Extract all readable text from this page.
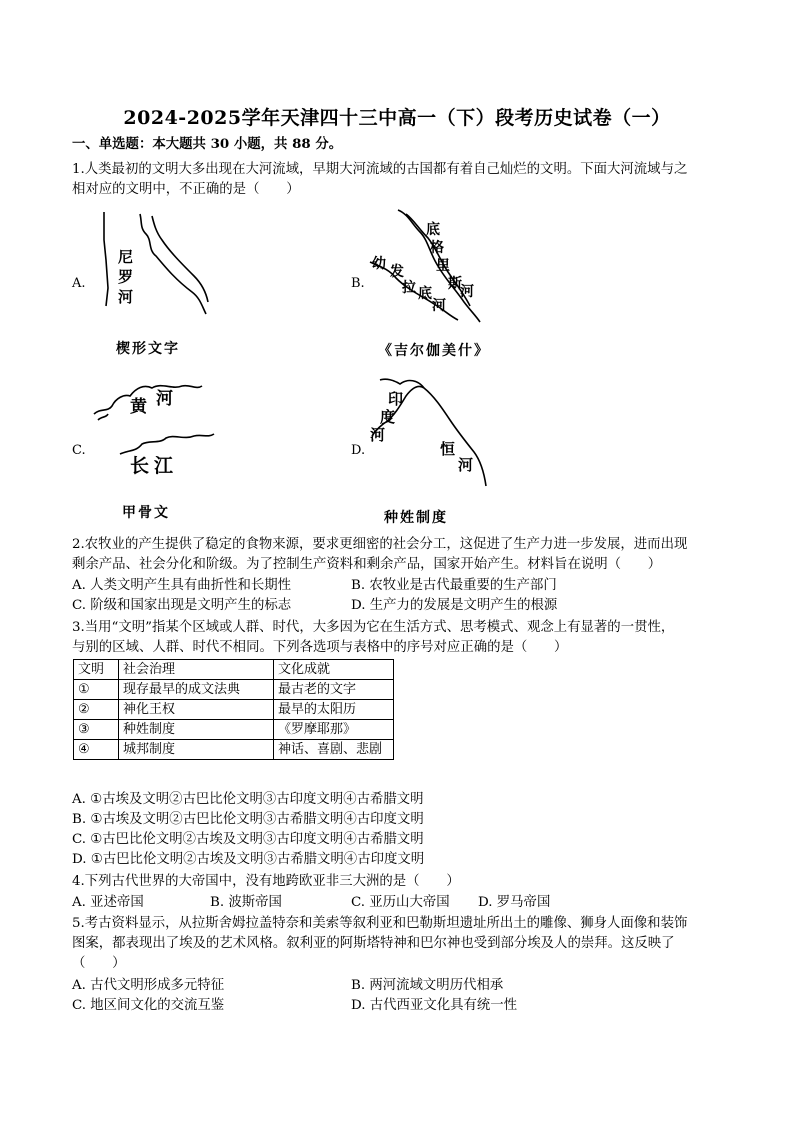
2024-2025学年天津四十三中高一（下）段考历史试卷（一）
一、单选题：本大题共 30 小题，共 88 分。
1.人类最初的文明大多出现在大河流域，早期大河流域的古国都有着自己灿烂的文明。下面大河流域与之
相对应的文明中，不正确的是（　　）
A.
尼
罗
河
楔形文字
B.
底
格
里
斯
河
幼 发
拉 底
河
《吉尔伽美什》
C.
黄 河
长 江
甲骨文
D.
印
度
河
恒
河
种姓制度
2.农牧业的产生提供了稳定的食物来源，要求更细密的社会分工，这促进了生产力进一步发展，进而出现
剩余产品、社会分化和阶级。为了控制生产资料和剩余产品，国家开始产生。材料旨在说明（　　）
A. 人类文明产生具有曲折性和长期性	B. 农牧业是古代最重要的生产部门
C. 阶级和国家出现是文明产生的标志	D. 生产力的发展是文明产生的根源
3.当用“文明”指某个区域或人群、时代，大多因为它在生活方式、思考模式、观念上有显著的一贯性，
与别的区域、人群、时代不相同。下列各选项与表格中的序号对应正确的是（　　）
文明	社会治理	文化成就
①	现存最早的成文法典	最古老的文字
②	神化王权	最早的太阳历
③	种姓制度	《罗摩耶那》
④	城邦制度	神话、喜剧、悲剧
A. ①古埃及文明②古巴比伦文明③古印度文明④古希腊文明
B. ①古埃及文明②古巴比伦文明③古希腊文明④古印度文明
C. ①古巴比伦文明②古埃及文明③古印度文明④古希腊文明
D. ①古巴比伦文明②古埃及文明③古希腊文明④古印度文明
4.下列古代世界的大帝国中，没有地跨欧亚非三大洲的是（　　）
A. 亚述帝国	B. 波斯帝国	C. 亚历山大帝国 D. 罗马帝国
5.考古资料显示，从拉斯舍姆拉盖特奈和美索等叙利亚和巴勒斯坦遗址所出土的雕像、狮身人面像和装饰
图案，都表现出了埃及的艺术风格。叙利亚的阿斯塔特神和巴尔神也受到部分埃及人的崇拜。这反映了
（　　）
A. 古代文明形成多元特征	B. 两河流域文明历代相承
C. 地区间文化的交流互鉴	D. 古代西亚文化具有统一性
